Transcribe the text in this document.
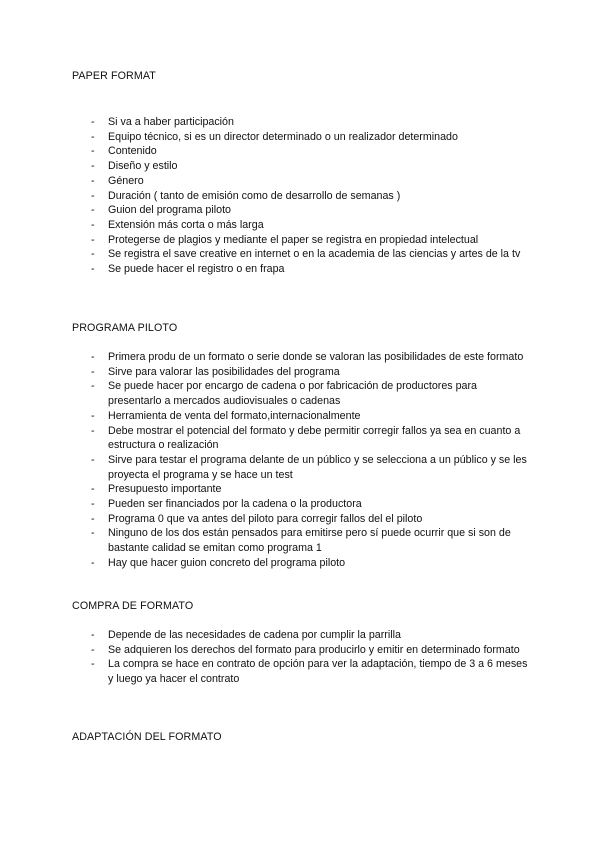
PAPER FORMAT
- Si va a haber participación
- Equipo técnico, si es un director determinado o un realizador determinado
- Contenido
- Diseño y estilo
- Género
- Duración ( tanto de emisión como de desarrollo de semanas )
- Guion del programa piloto
- Extensión más corta o más larga
- Protegerse de plagios y mediante el paper se registra en propiedad intelectual
- Se registra el save creative en internet o en la academia de las ciencias y artes de la tv
- Se puede hacer el registro o en frapa
PROGRAMA PILOTO
- Primera produ de un formato o serie donde se valoran las posibilidades de este formato
- Sirve para valorar las posibilidades del programa
- Se puede hacer por encargo de cadena o por fabricación de productores para presentarlo a mercados audiovisuales o cadenas
- Herramienta de venta del formato,internacionalmente
- Debe mostrar el potencial del formato y debe permitir corregir fallos ya sea en cuanto a estructura o realización
- Sirve para testar el programa delante de un público y se selecciona a un público y se les proyecta el programa y se hace un test
- Presupuesto importante
- Pueden ser financiados por la cadena o la productora
- Programa 0 que va antes del piloto para corregir fallos del el piloto
- Ninguno de los dos están pensados para emitirse pero sí puede ocurrir que si son de bastante calidad se emitan como programa 1
- Hay que hacer guion concreto del programa piloto
COMPRA DE FORMATO
- Depende de las necesidades de cadena por cumplir la parrilla
- Se adquieren los derechos del formato para producirlo y emitir en determinado formato
- La compra se hace en contrato de opción para ver la adaptación, tiempo de 3 a 6 meses y luego ya hacer el contrato
ADAPTACIÓN DEL FORMATO
